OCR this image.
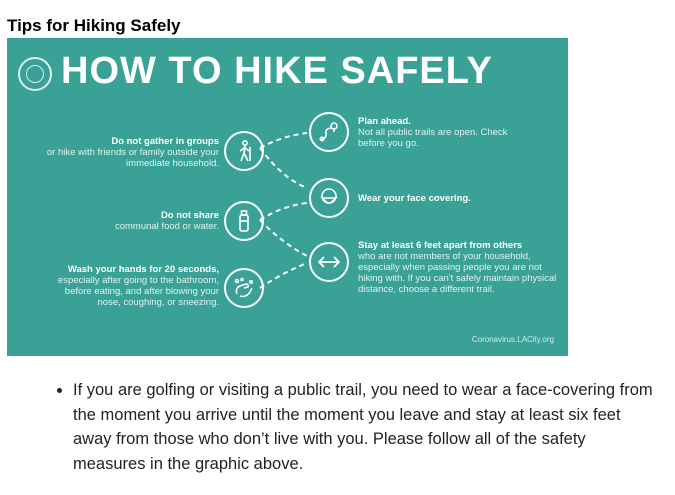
Tips for Hiking Safely
HOW TO HIKE SAFELY
Do not gather in groups
or hike with friends or family outside your immediate household.
Do not share
communal food or water.
Wash your hands for 20 seconds,
especially after going to the bathroom, before eating, and after blowing your nose, coughing, or sneezing.
Plan ahead.
Not all public trails are open. Check before you go.
Wear your face covering.
Stay at least 6 feet apart from others
who are not members of your household, especially when passing people you are not hiking with. If you can't safely maintain physical distance, choose a different trail.
Coronavirus.LACity.org
• If you are golfing or visiting a public trail, you need to wear a face-covering from the moment you arrive until the moment you leave and stay at least six feet away from those who don’t live with you. Please follow all of the safety measures in the graphic above.
